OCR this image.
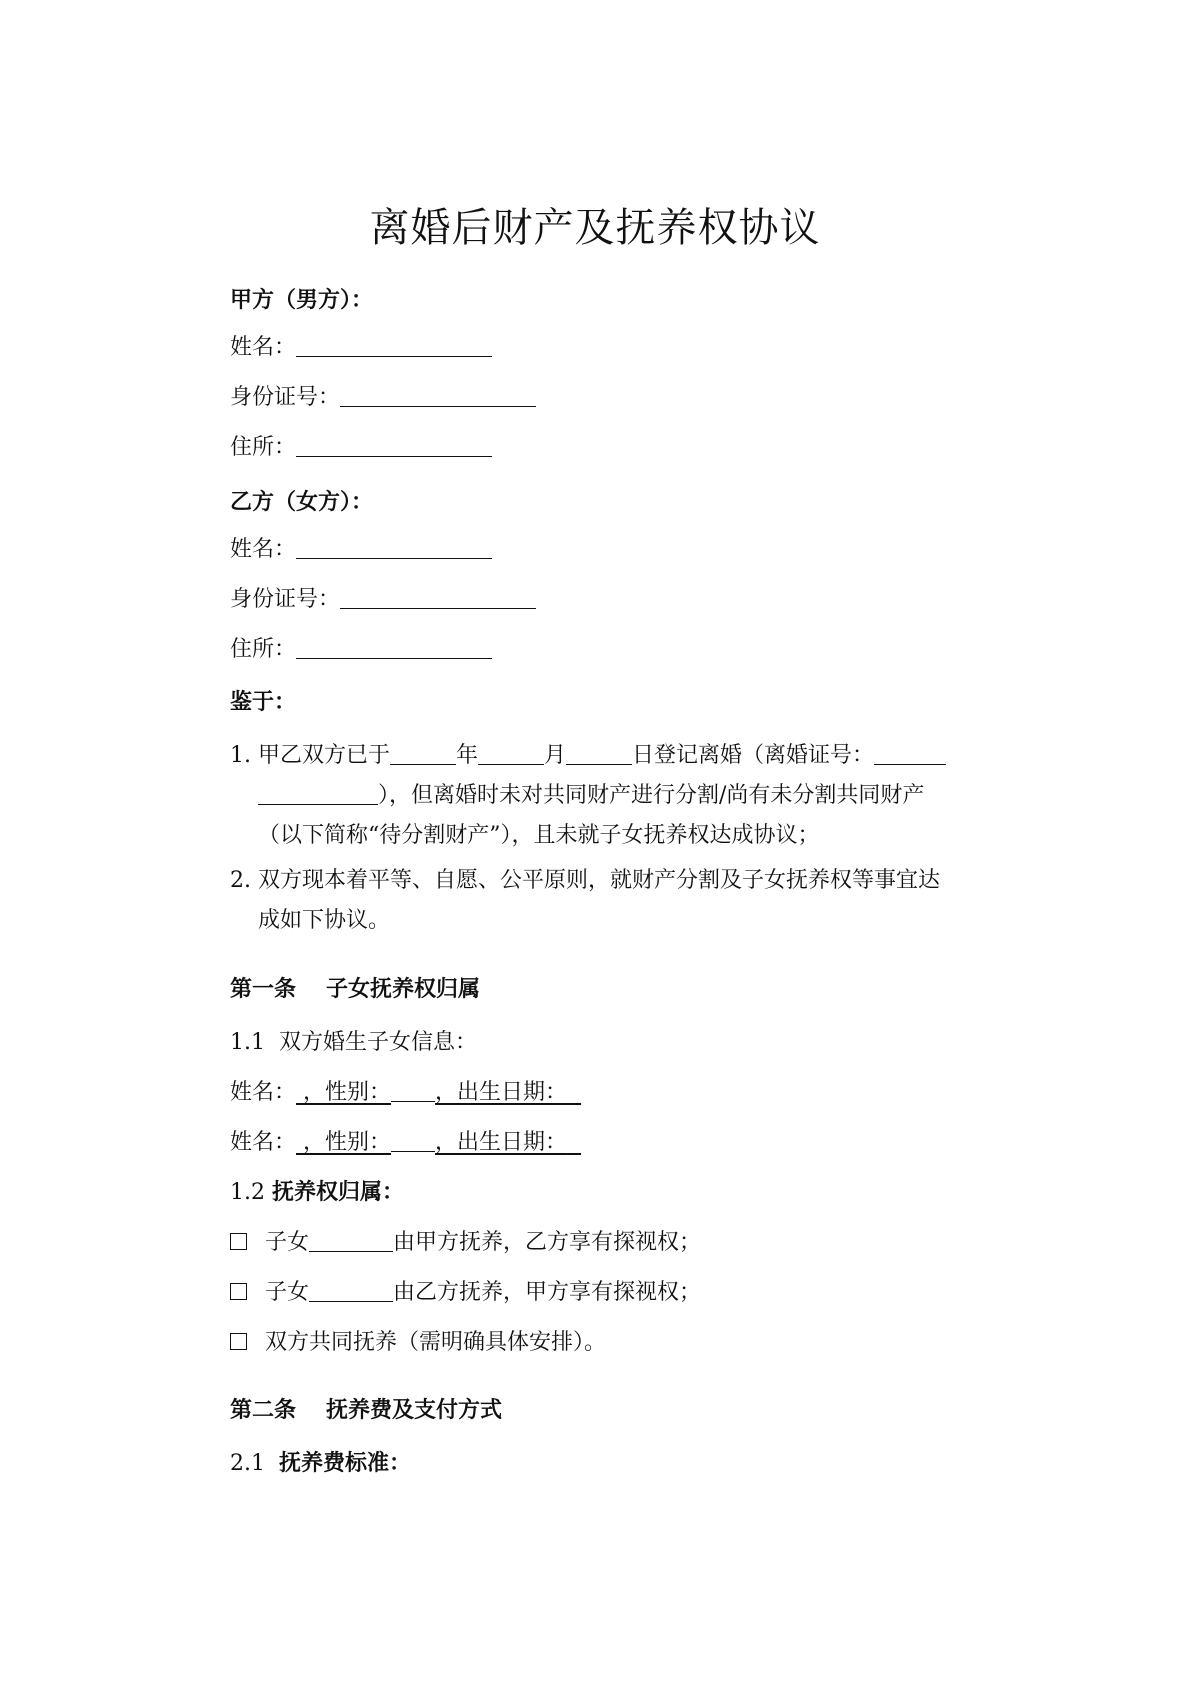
离婚后财产及抚养权协议
甲方（男方）：
姓名：
身份证号：
住所：
乙方（女方）：
姓名：
身份证号：
住所：
鉴于：
1. 甲乙双方已于	年	月	日登记离婚（离婚证号：
），但离婚时未对共同财产进行分割/尚有未分割共同财产
（以下简称“待分割财产”），且未就子女抚养权达成协议；
2. 双方现本着平等、自愿、公平原则，就财产分割及子女抚养权等事宜达
成如下协议。
第一条 子女抚养权归属
1.1 双方婚生子女信息：
姓名： ，性别： ，出生日期：
姓名： ，性别： ，出生日期：
1.2 抚养权归属：
子女	由甲方抚养，乙方享有探视权；
子女	由乙方抚养，甲方享有探视权；
双方共同抚养（需明确具体安排）。
第二条 抚养费及支付方式
2.1 抚养费标准：
